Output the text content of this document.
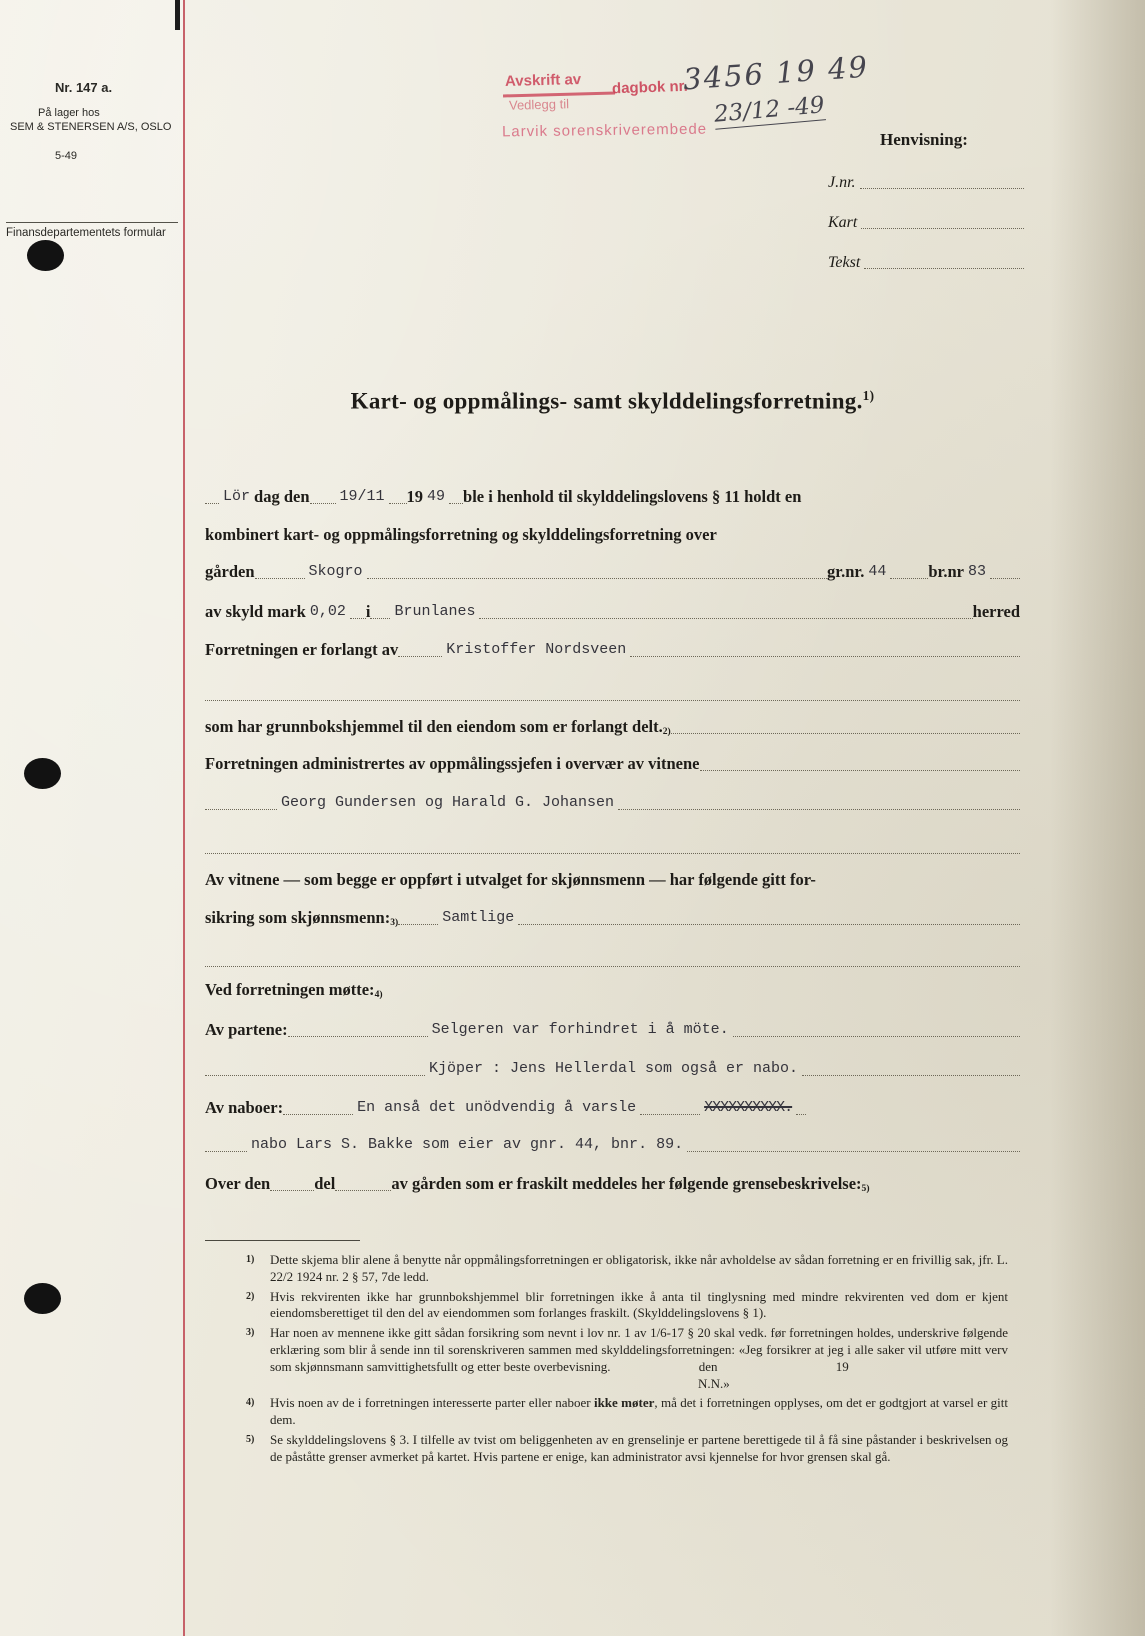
Nr. 147 a.
På lager hos
SEM & STENERSEN A/S, OSLO
5-49
Finansdepartementets formular
Avskrift av
Vedlegg til
Larvik sorenskriverembede
dagbok nr.
3456 19 49
23/12 -49
Henvisning:
J.nr.
Kart
Tekst
Kart- og oppmålings- samt skylddelingsforretning.$^{1)}$
Lör dag den 19/11 19 49 ble i henhold til skylddelingslovens § 11 holdt en
kombinert kart- og oppmålingsforretning og skylddelingsforretning over
gården	Skogro	gr.nr. 44	br.nr 83
av skyld mark 0,02 i Brunlanes	herred
Forretningen er forlangt av	Kristoffer Nordsveen
som har grunnbokshjemmel til den eiendom som er forlangt $delt._{2)}$
Forretningen administrertes av oppmålingssjefen i overvær av vitnene
Georg Gundersen og Harald G. Johansen
Av vitnene — som begge er oppført i utvalget for skjønnsmenn — har følgende gitt for-
sikring som $skjønnsmenn:_{3)}$	Samtlige
Ved forretningen $møtte:_{4)}$
Av partene:	Selgeren var forhindret i å möte.
Kjöper : Jens Hellerdal som også er nabo.
Av naboer:	En anså det unödvendig å varsle	XXXXXXXXXX.
nabo Lars S. Bakke som eier av gnr. 44, bnr. 89.
Over den	del	av gården som er fraskilt meddeles her følgende $grensebeskrivelse:_{5)}$

1) Dette skjema blir alene å benytte når oppmålingsforretningen er obligatorisk, ikke når avholdelse av sådan forretning er en frivillig sak, jfr. L. 22/2 1924 nr. 2 § 57, 7de ledd.

2) Hvis rekvirenten ikke har grunnbokshjemmel blir forretningen ikke å anta til tinglysning med mindre rekvirenten ved dom er kjent eiendomsberettiget til den del av eiendommen som forlanges fraskilt. (Skylddelingslovens § 1).

3) Har noen av mennene ikke gitt sådan forsikring som nevnt i lov nr. 1 av 1/6-17 § 20 skal vedk. før forretningen holdes, underskrive følgende erklæring som blir å sende inn til sorenskriveren sammen med skylddelingsforretningen: «Jeg forsikrer at jeg i alle saker vil utføre mitt verv som skjønnsmann samvittighetsfullt og etter beste overbevisning.	den	19
N.N.»

4) Hvis noen av de i forretningen interesserte parter eller naboer ikke møter, må det i forretningen opplyses, om det er godtgjort at varsel er gitt dem.

5) Se skylddelingslovens § 3. I tilfelle av tvist om beliggenheten av en grenselinje er partene berettigede til å få sine påstander i beskrivelsen og de påståtte grenser avmerket på kartet. Hvis partene er enige, kan administrator avsi kjennelse for hvor grensen skal gå.
